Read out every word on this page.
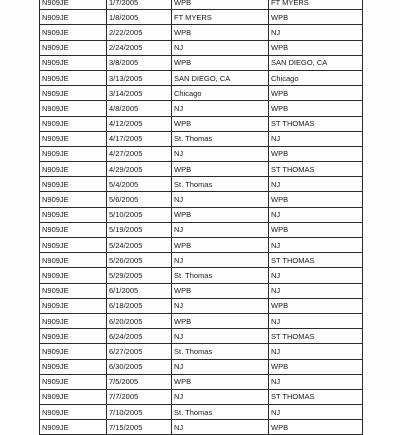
N909JE	1/7/2005	WPB	FT MYERS
N909JE	1/8/2005	FT MYERS	WPB
N909JE	2/22/2005	WPB	NJ
N909JE	2/24/2005	NJ	WPB
N909JE	3/8/2005	WPB	SAN DIEGO, CA
N909JE	3/13/2005	SAN DIEGO, CA	Chicago
N909JE	3/14/2005	Chicago	WPB
N909JE	4/8/2005	NJ	WPB
N909JE	4/12/2005	WPB	ST THOMAS
N909JE	4/17/2005	St. Thomas	NJ
N909JE	4/27/2005	NJ	WPB
N909JE	4/29/2005	WPB	ST THOMAS
N909JE	5/4/2005	St. Thomas	NJ
N909JE	5/6/2005	NJ	WPB
N909JE	5/10/2005	WPB	NJ
N909JE	5/19/2005	NJ	WPB
N909JE	5/24/2005	WPB	NJ
N909JE	5/26/2005	NJ	ST THOMAS
N909JE	5/29/2005	St. Thomas	NJ
N909JE	6/1/2005	WPB	NJ
N909JE	6/18/2005	NJ	WPB
N909JE	6/20/2005	WPB	NJ
N909JE	6/24/2005	NJ	ST THOMAS
N909JE	6/27/2005	St. Thomas	NJ
N909JE	6/30/2005	NJ	WPB
N909JE	7/5/2005	WPB	NJ
N909JE	7/7/2005	NJ	ST THOMAS
N909JE	7/10/2005	St. Thomas	NJ
N909JE	7/15/2005	NJ	WPB
